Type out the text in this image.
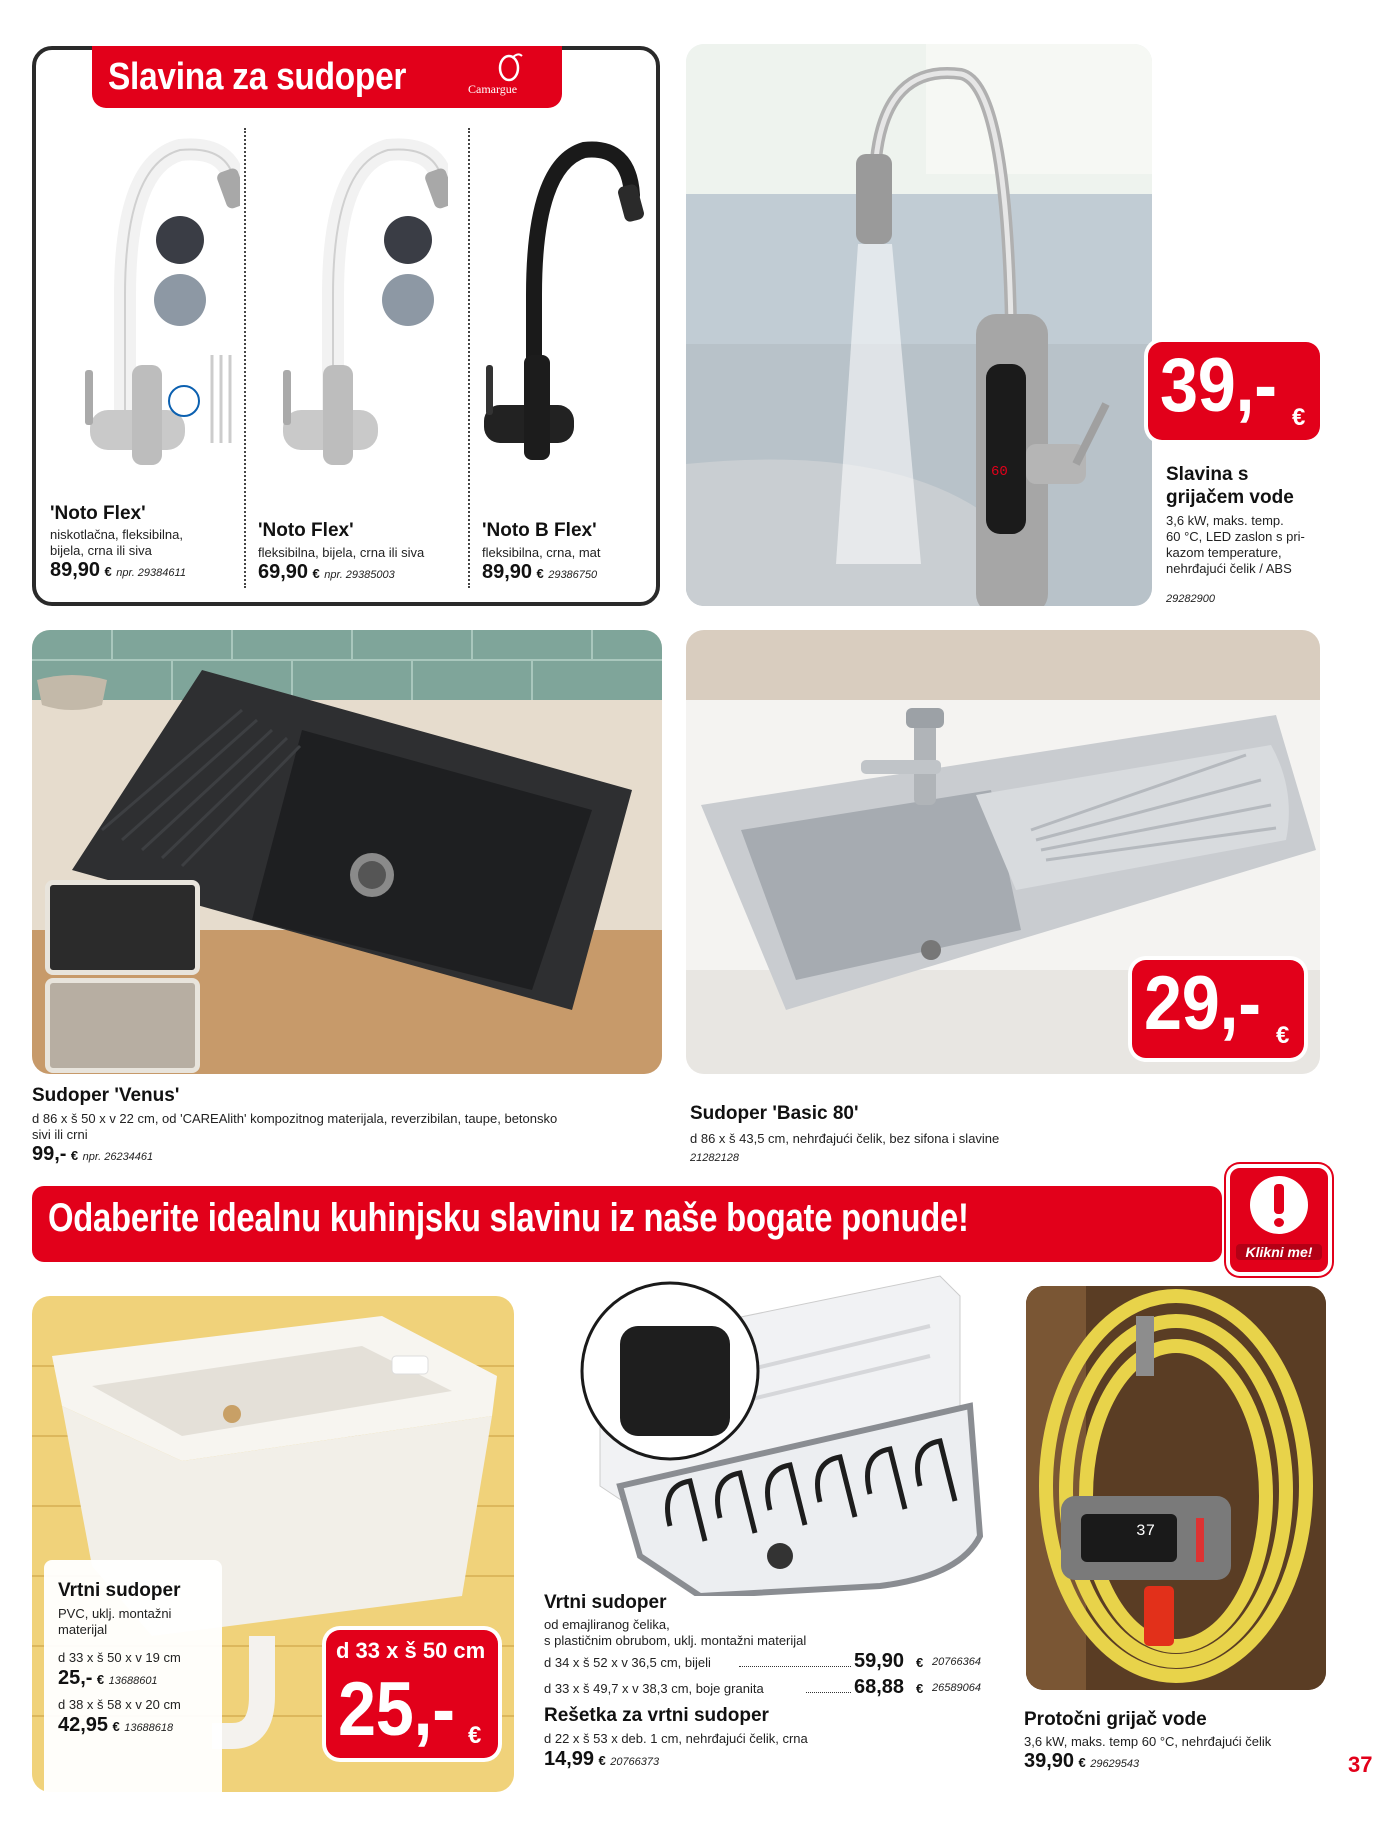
Slavina za sudoper	Camargue
'Noto Flex'
niskotlačna, fleksibilna,
bijela, crna ili siva
89,90 € npr. 29384611
'Noto Flex'
fleksibilna, bijela, crna ili siva
69,90 € npr. 29385003
'Noto B Flex'
fleksibilna, crna, mat
89,90 € 29386750
60
39,- €
Slavina s
grijačem vode
3,6 kW, maks. temp.
60 °C, LED zaslon s pri-
kazom temperature,
nehrđajući čelik / ABS
29282900
Sudoper 'Venus'
d 86 x š 50 x v 22 cm, od 'CAREAlith' kompozitnog materijala, reverzibilan, taupe, betonsko
sivi ili crni
99,- € npr. 26234461
29,- €
Sudoper 'Basic 80'
d 86 x š 43,5 cm, nehrđajući čelik, bez sifona i slavine
21282128
Odaberite idealnu kuhinjsku slavinu iz naše bogate ponude!
Klikni me!
Vrtni sudoper
PVC, uklj. montažni
materijal
d 33 x š 50 x v 19 cm
25,- € 13688601
d 38 x š 58 x v 20 cm
42,95 € 13688618
d 33 x š 50 cm
25,- €
Vrtni sudoper
od emajliranog čelika,
s plastičnim obrubom, uklj. montažni materijal
d 34 x š 52 x v 36,5 cm, bijeli	59,90 € 20766364
d 33 x š 49,7 x v 38,3 cm, boje granita	68,88 € 26589064
Rešetka za vrtni sudoper
d 22 x š 53 x deb. 1 cm, nehrđajući čelik, crna
14,99 € 20766373
37
Protočni grijač vode
3,6 kW, maks. temp 60 °C, nehrđajući čelik
39,90 € 29629543	37
